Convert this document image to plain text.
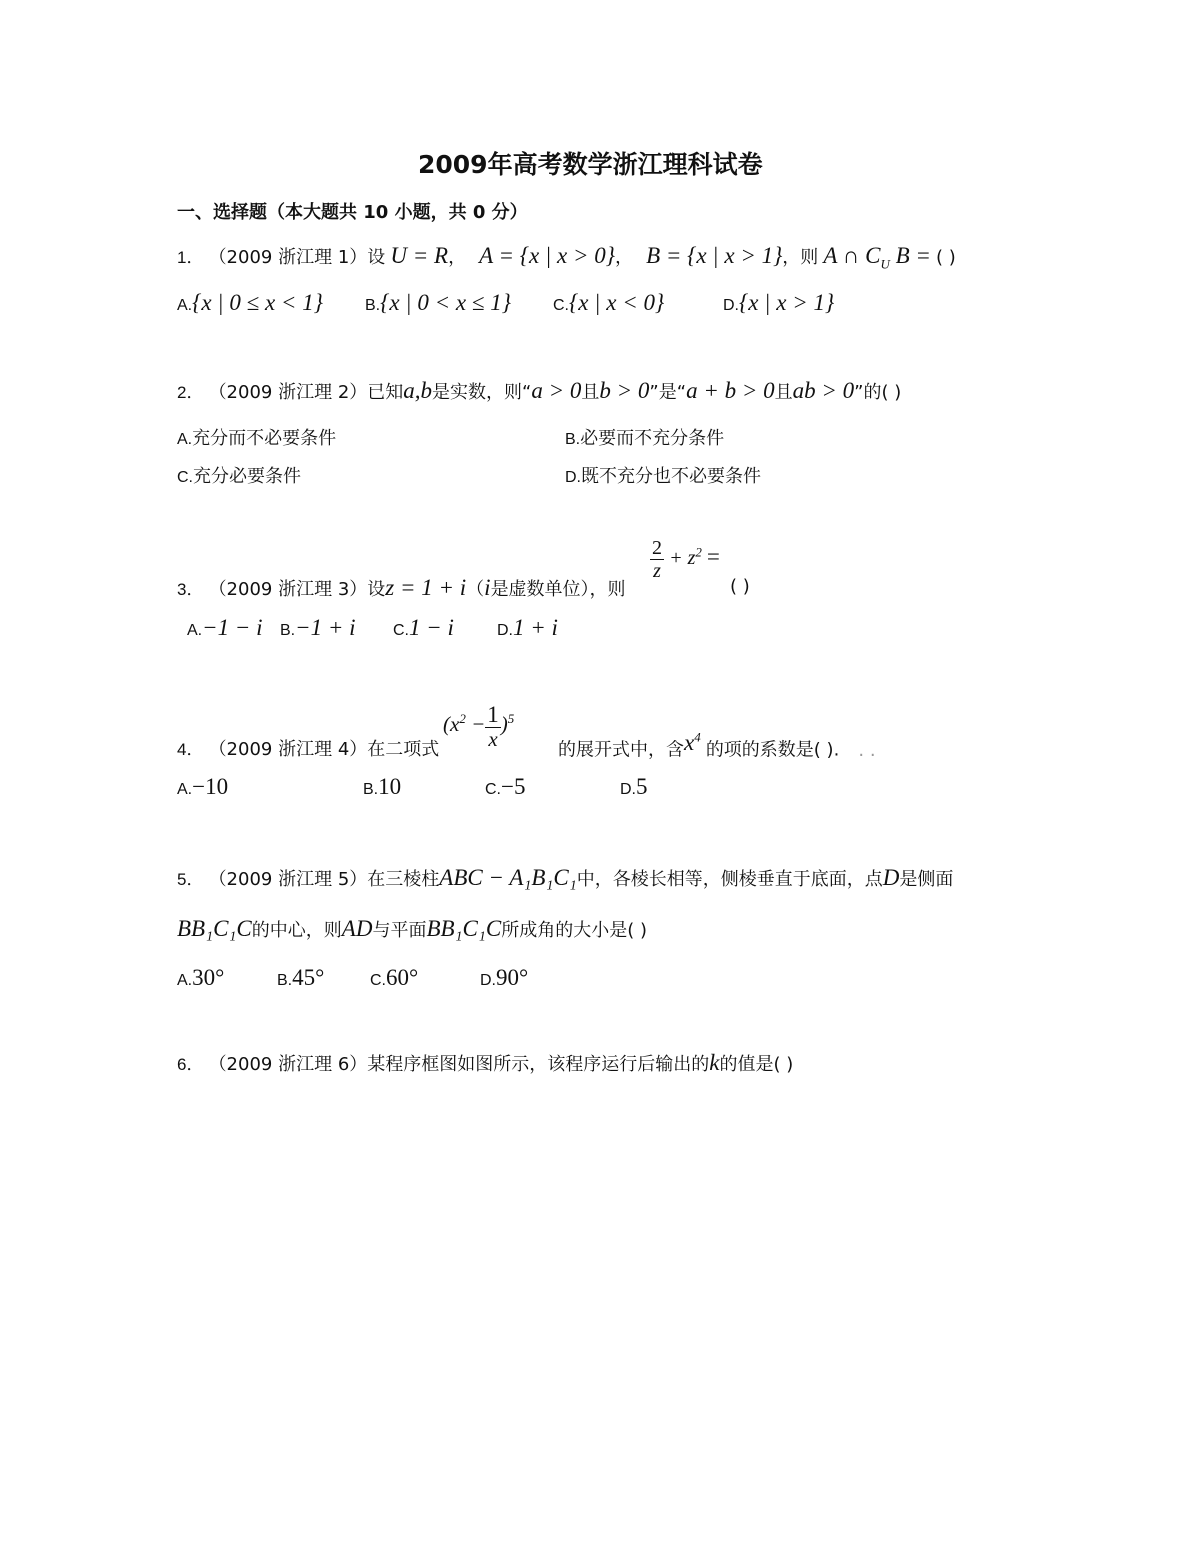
2009年高考数学浙江理科试卷
一、选择题（本大题共 10 小题，共 0 分）
1． （2009 浙江理 1）设 U = R， A = {x | x > 0}， B = {x | x > 1}，则 A ∩ $C_U$ B = ( )
A.{x | 0 ≤ x < 1}	B.{x | 0 < x ≤ 1}	C.{x | x < 0}	D.{x | x > 1}
2． （2009 浙江理 2）已知a,b是实数，则“a > 0且b > 0”是“a + b > 0且ab > 0”的( )
A.充分而不必要条件	B.必要而不充分条件
C.充分必要条件	D.既不充分也不必要条件
3． （2009 浙江理 3）设z = 1 + i（i是虚数单位），则
$\frac{2}{z} + z^2$ =
( )
A.−1 − i B.−1 + i C.1 − i	D.1 + i
4． （2009 浙江理 4）在二项式
$(x^2 - \frac{1}{x} )^5$
的展开式中，含$x^4$ 的项的系数是( ). . .
A.−10	B.10	C.−5	D.5
5． （2009 浙江理 5）在三棱柱ABC − A₁B₁C₁中，各棱长相等，侧棱垂直于底面，点D是侧面
BB₁C₁C的中心，则AD与平面BB₁C₁C所成角的大小是( )
A.30°	B.45°	C.60°	D.90°
6． （2009 浙江理 6）某程序框图如图所示，该程序运行后输出的k的值是( )
